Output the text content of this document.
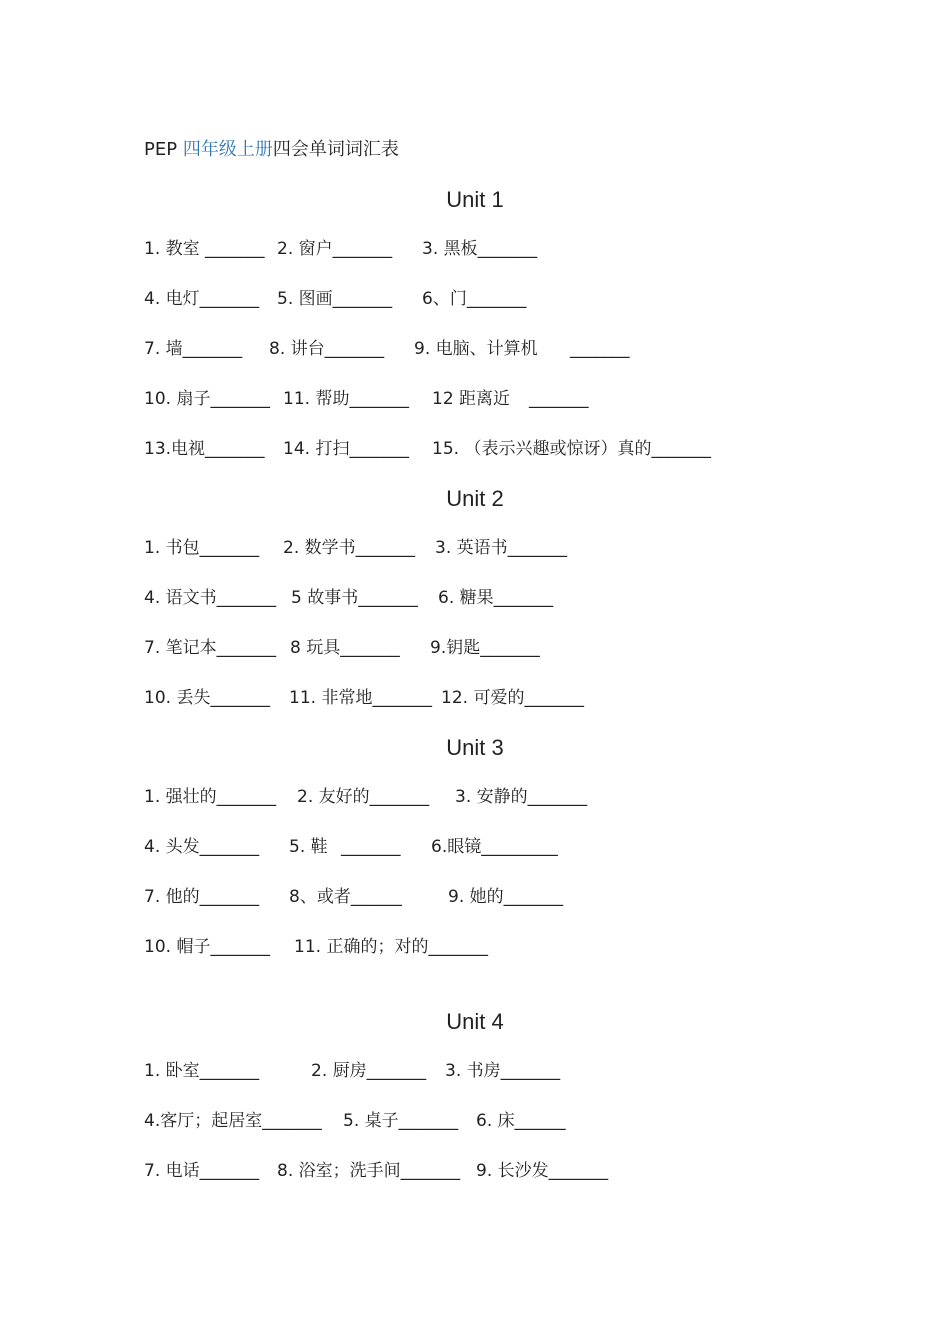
PEP 四年级上册四会单词词汇表
Unit 1
1. 教室 _______ 2. 窗户_______ 3. 黑板_______
4. 电灯_______ 5. 图画_______ 6、门_______
7. 墙_______ 8. 讲台_______ 9. 电脑、计算机 _______
10. 扇子_______ 11. 帮助_______ 12 距离近 _______
13.电视_______ 14. 打扫_______ 15. （表示兴趣或惊讶）真的_______
Unit 2
1. 书包_______ 2. 数学书_______ 3. 英语书_______
4. 语文书_______ 5 故事书_______ 6. 糖果_______
7. 笔记本_______ 8 玩具_______ 9.钥匙_______
10. 丢失_______ 11. 非常地_______ 12. 可爱的_______
Unit 3
1. 强壮的_______ 2. 友好的_______ 3. 安静的_______
4. 头发_______ 5. 鞋 _______ 6.眼镜_________
7. 他的_______ 8、或者______	9. 她的_______
10. 帽子_______ 11. 正确的；对的_______
Unit 4
1. 卧室_______	2. 厨房_______ 3. 书房_______
4.客厅；起居室_______ 5. 桌子_______ 6. 床______
7. 电话_______ 8. 浴室；洗手间_______ 9. 长沙发_______
